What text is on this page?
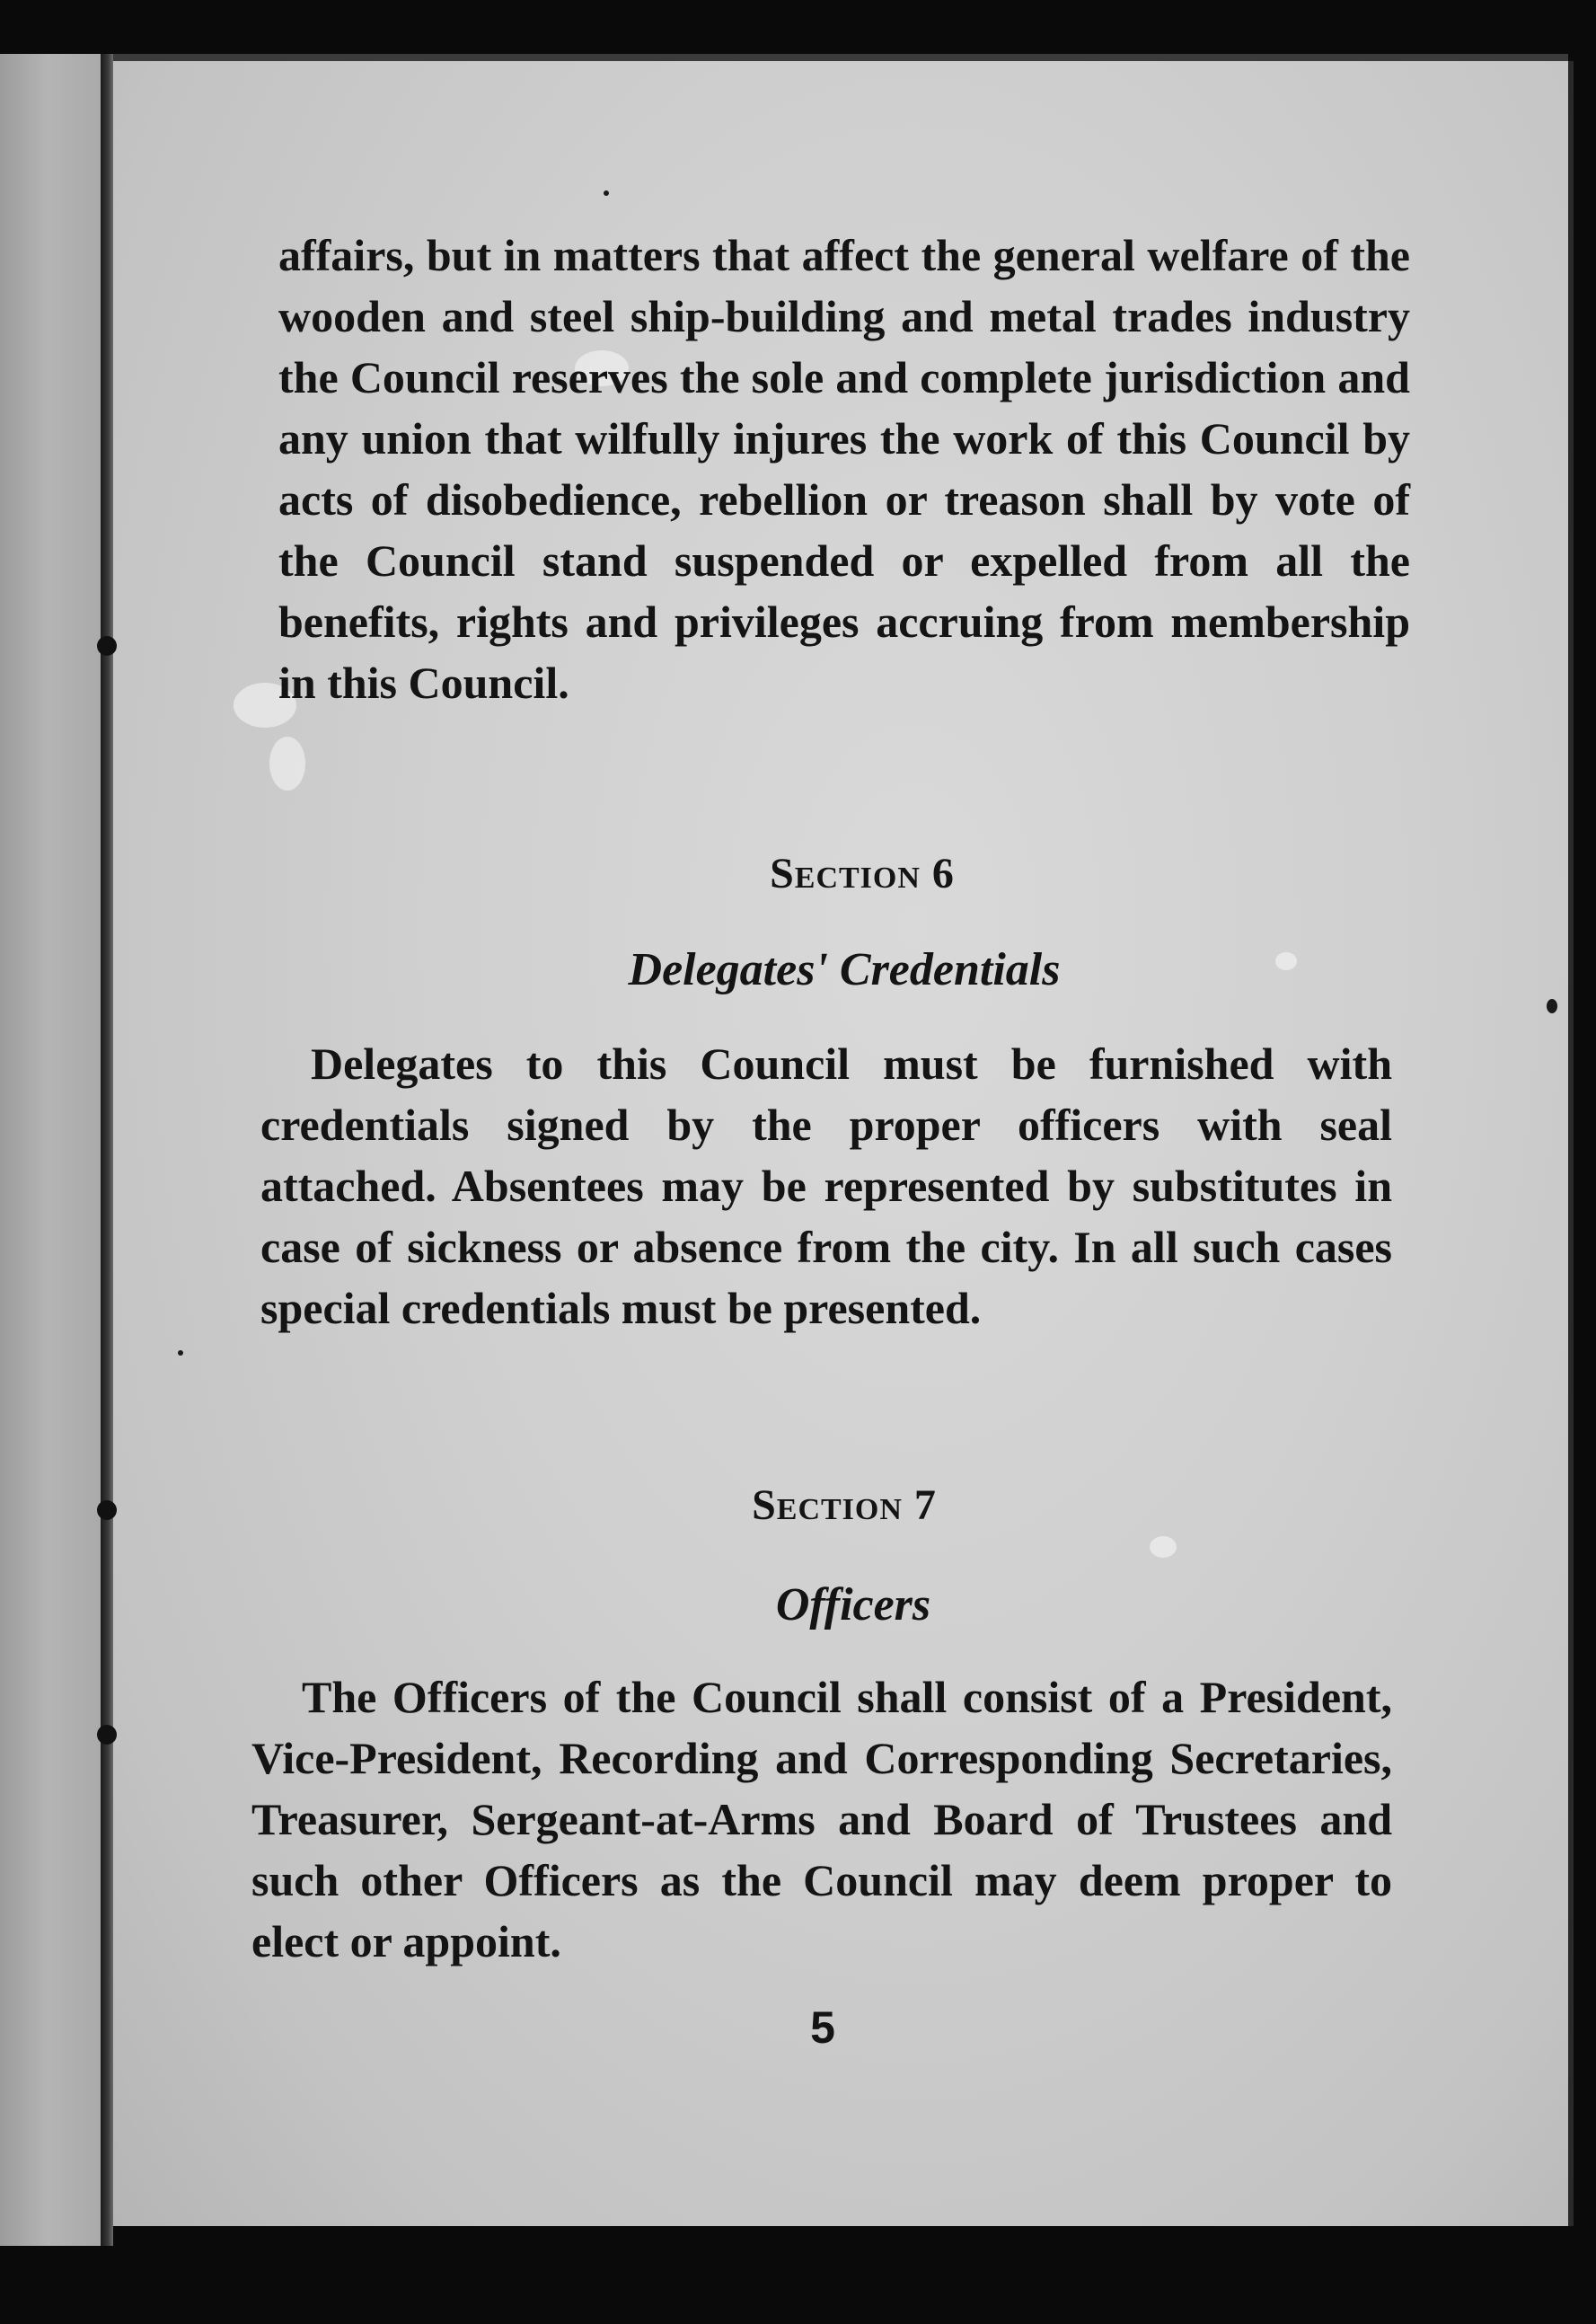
affairs, but in matters that affect the general welfare of the wooden and steel ship-building and metal trades industry the Council reserves the sole and complete jurisdiction and any union that wilfully injures the work of this Council by acts of disobedience, rebellion or treason shall by vote of the Council stand suspended or expelled from all the benefits, rights and privileges accruing from membership in this Council.

Section 6
Delegates' Credentials

Delegates to this Council must be furnished with credentials signed by the proper officers with seal attached. Absentees may be represented by substitutes in case of sickness or absence from the city. In all such cases special credentials must be presented.

Section 7
Officers

The Officers of the Council shall consist of a President, Vice-President, Recording and Corresponding Secretaries, Treasurer, Sergeant-at-Arms and Board of Trustees and such other Officers as the Council may deem proper to elect or appoint.

5
